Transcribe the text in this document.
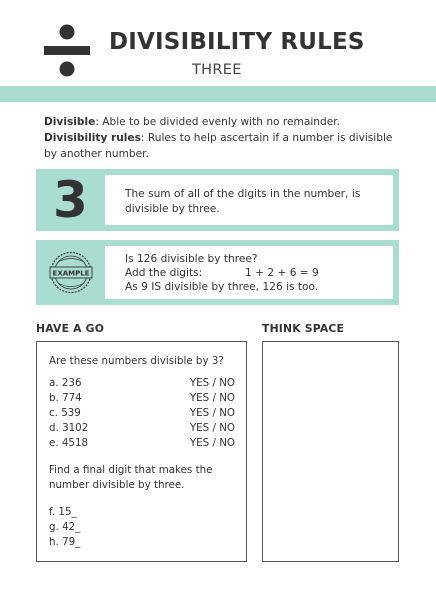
DIVISIBILITY RULES
THREE
Divisible: Able to be divided evenly with no remainder.
Divisibility rules: Rules to help ascertain if a number is divisible by another number.
3	The sum of all of the digits in the number, is divisible by three.
EXAMPLE
Is 126 divisible by three?
Add the digits:	1 + 2 + 6 = 9
As 9 IS divisible by three, 126 is too.
HAVE A GO	THINK SPACE
Are these numbers divisible by 3?
a. 236	YES / NO
b. 774	YES / NO
c. 539	YES / NO
d. 3102	YES / NO
e. 4518	YES / NO
Find a final digit that makes the number divisible by three.
f. 15_
g. 42_
h. 79_
